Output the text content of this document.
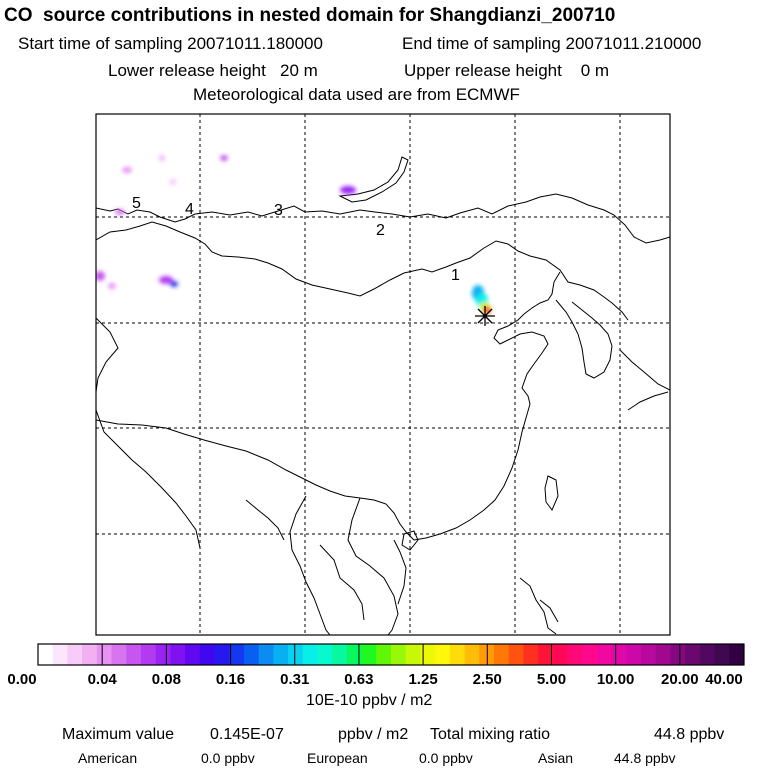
CO  source contributions in nested domain for Shangdianzi_200710
Start time of sampling 20071011.180000	End time of sampling 20071011.210000
Lower release height 20 m	Upper release height 0 m
Meteorological data used are from ECMWF
1
2
3
4
5
0.00	0.04	0.08	0.16	0.31	0.63	1.25	2.50	5.00	10.00 20.00 40.00
10E-10 ppbv / m2
Maximum value 0.145E-07	ppbv / m2 Total mixing ratio	44.8 ppbv
American	0.0 ppbv	European	0.0 ppbv	Asian	44.8 ppbv
